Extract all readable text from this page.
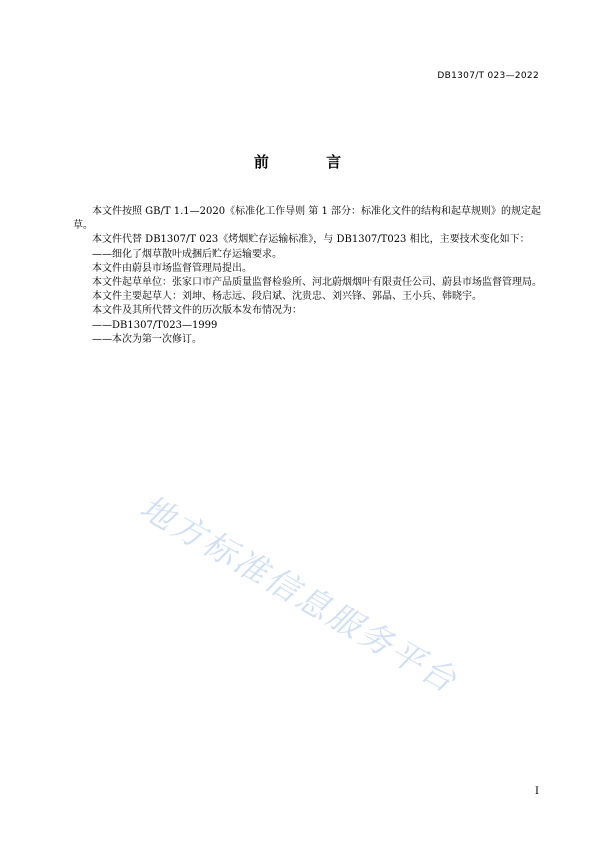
DB1307/T 023—2022
前 言

本文件按照 GB/T 1.1—2020《标准化工作导则 第 1 部分：标准化文件的结构和起草规则》的规定起草。

本文件代替 DB1307/T 023《烤烟贮存运输标准》，与 DB1307/T023 相比，主要技术变化如下：

——细化了烟草散叶成捆后贮存运输要求。

本文件由蔚县市场监督管理局提出。

本文件起草单位：张家口市产品质量监督检验所、河北蔚烟烟叶有限责任公司、蔚县市场监督管理局。

本文件主要起草人：刘坤、杨志远、段启斌、沈贵忠、刘兴锋、郭晶、王小兵、韩晓宇。

本文件及其所代替文件的历次版本发布情况为：

——DB1307/T023—1999

——本次为第一次修订。

地方标准信息服务平台
I
